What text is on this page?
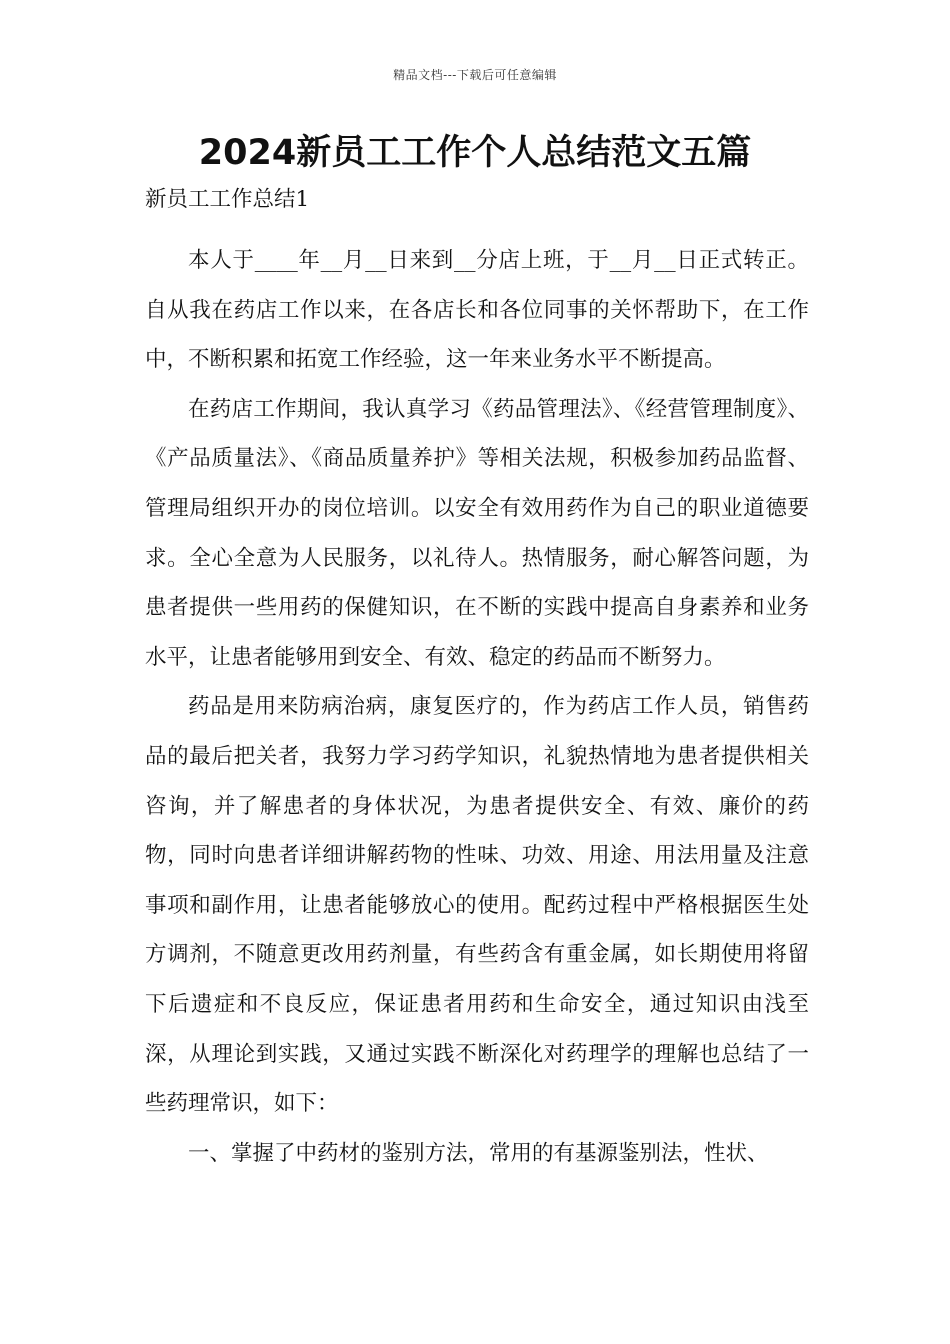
精品文档---下载后可任意编辑
2024新员工工作个人总结范文五篇

新员工工作总结1

本人于____年__月__日来到__分店上班，于__月__日正式转正。自从我在药店工作以来，在各店长和各位同事的关怀帮助下，在工作中，不断积累和拓宽工作经验，这一年来业务水平不断提高。

在药店工作期间，我认真学习《药品管理法》、《经营管理制度》、《产品质量法》、《商品质量养护》等相关法规，积极参加药品监督、管理局组织开办的岗位培训。以安全有效用药作为自己的职业道德要求。全心全意为人民服务，以礼待人。热情服务，耐心解答问题，为患者提供一些用药的保健知识，在不断的实践中提高自身素养和业务水平，让患者能够用到安全、有效、稳定的药品而不断努力。

药品是用来防病治病，康复医疗的，作为药店工作人员，销售药品的最后把关者，我努力学习药学知识，礼貌热情地为患者提供相关咨询，并了解患者的身体状况，为患者提供安全、有效、廉价的药物，同时向患者详细讲解药物的性味、功效、用途、用法用量及注意事项和副作用，让患者能够放心的使用。配药过程中严格根据医生处方调剂，不随意更改用药剂量，有些药含有重金属，如长期使用将留下后遗症和不良反应，保证患者用药和生命安全，通过知识由浅至深，从理论到实践，又通过实践不断深化对药理学的理解也总结了一些药理常识，如下：

一、掌握了中药材的鉴别方法，常用的有基源鉴别法，性状、
